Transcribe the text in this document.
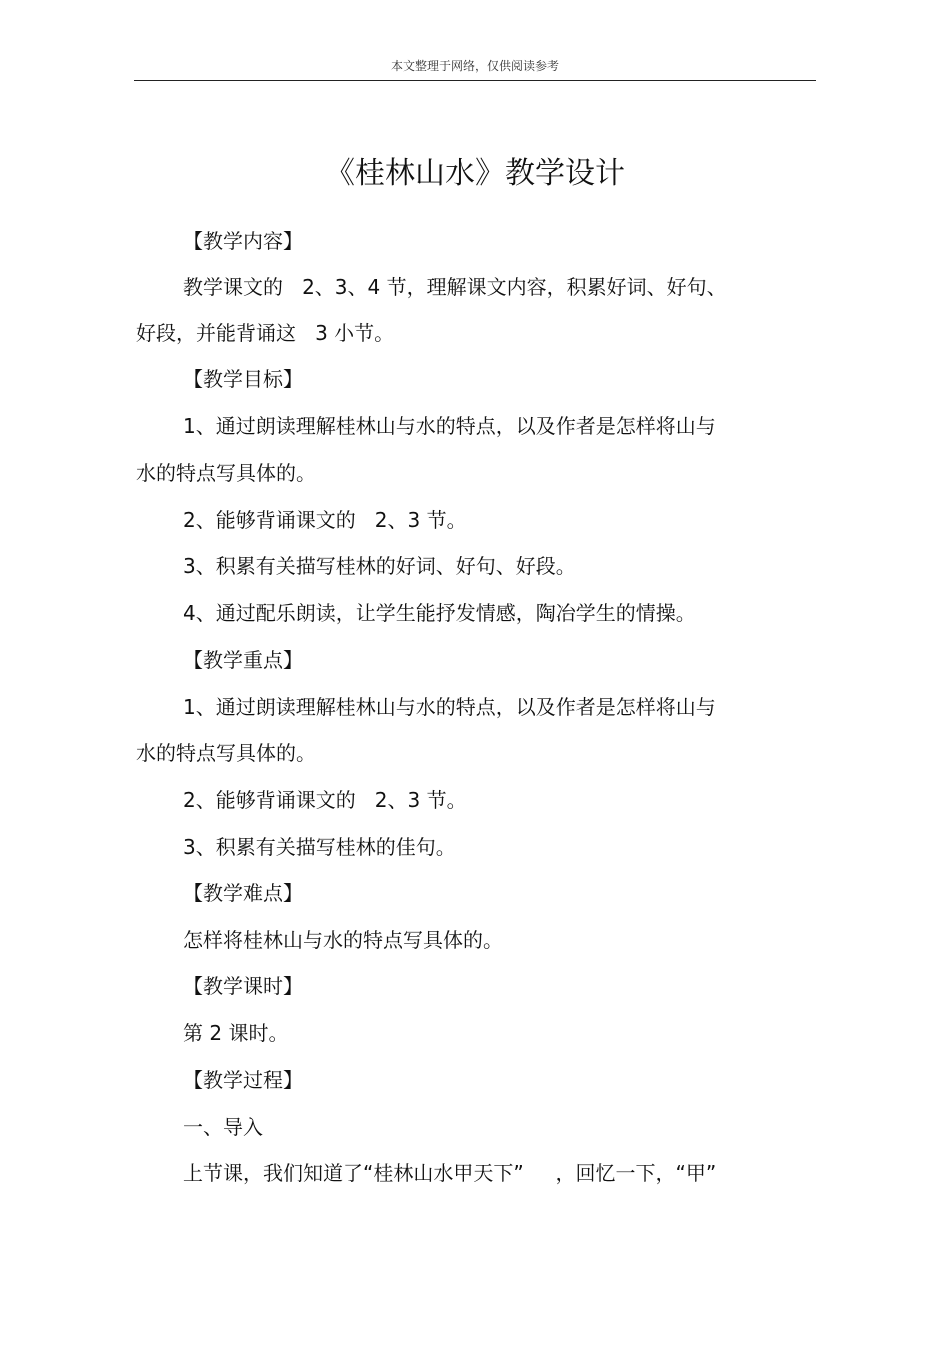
本文整理于网络，仅供阅读参考
《桂林山水》教学设计
【教学内容】
教学课文的   2、3、4 节，理解课文内容，积累好词、好句、
好段，并能背诵这   3 小节。
【教学目标】
1、通过朗读理解桂林山与水的特点，以及作者是怎样将山与
水的特点写具体的。
2、能够背诵课文的   2、3 节。
3、积累有关描写桂林的好词、好句、好段。
4、通过配乐朗读，让学生能抒发情感，陶冶学生的情操。
【教学重点】
1、通过朗读理解桂林山与水的特点，以及作者是怎样将山与
水的特点写具体的。
2、能够背诵课文的   2、3 节。
3、积累有关描写桂林的佳句。
【教学难点】
怎样将桂林山与水的特点写具体的。
【教学课时】
第 2 课时。
【教学过程】
一、导入
上节课，我们知道了“桂林山水甲天下”     ，回忆一下，“甲”
